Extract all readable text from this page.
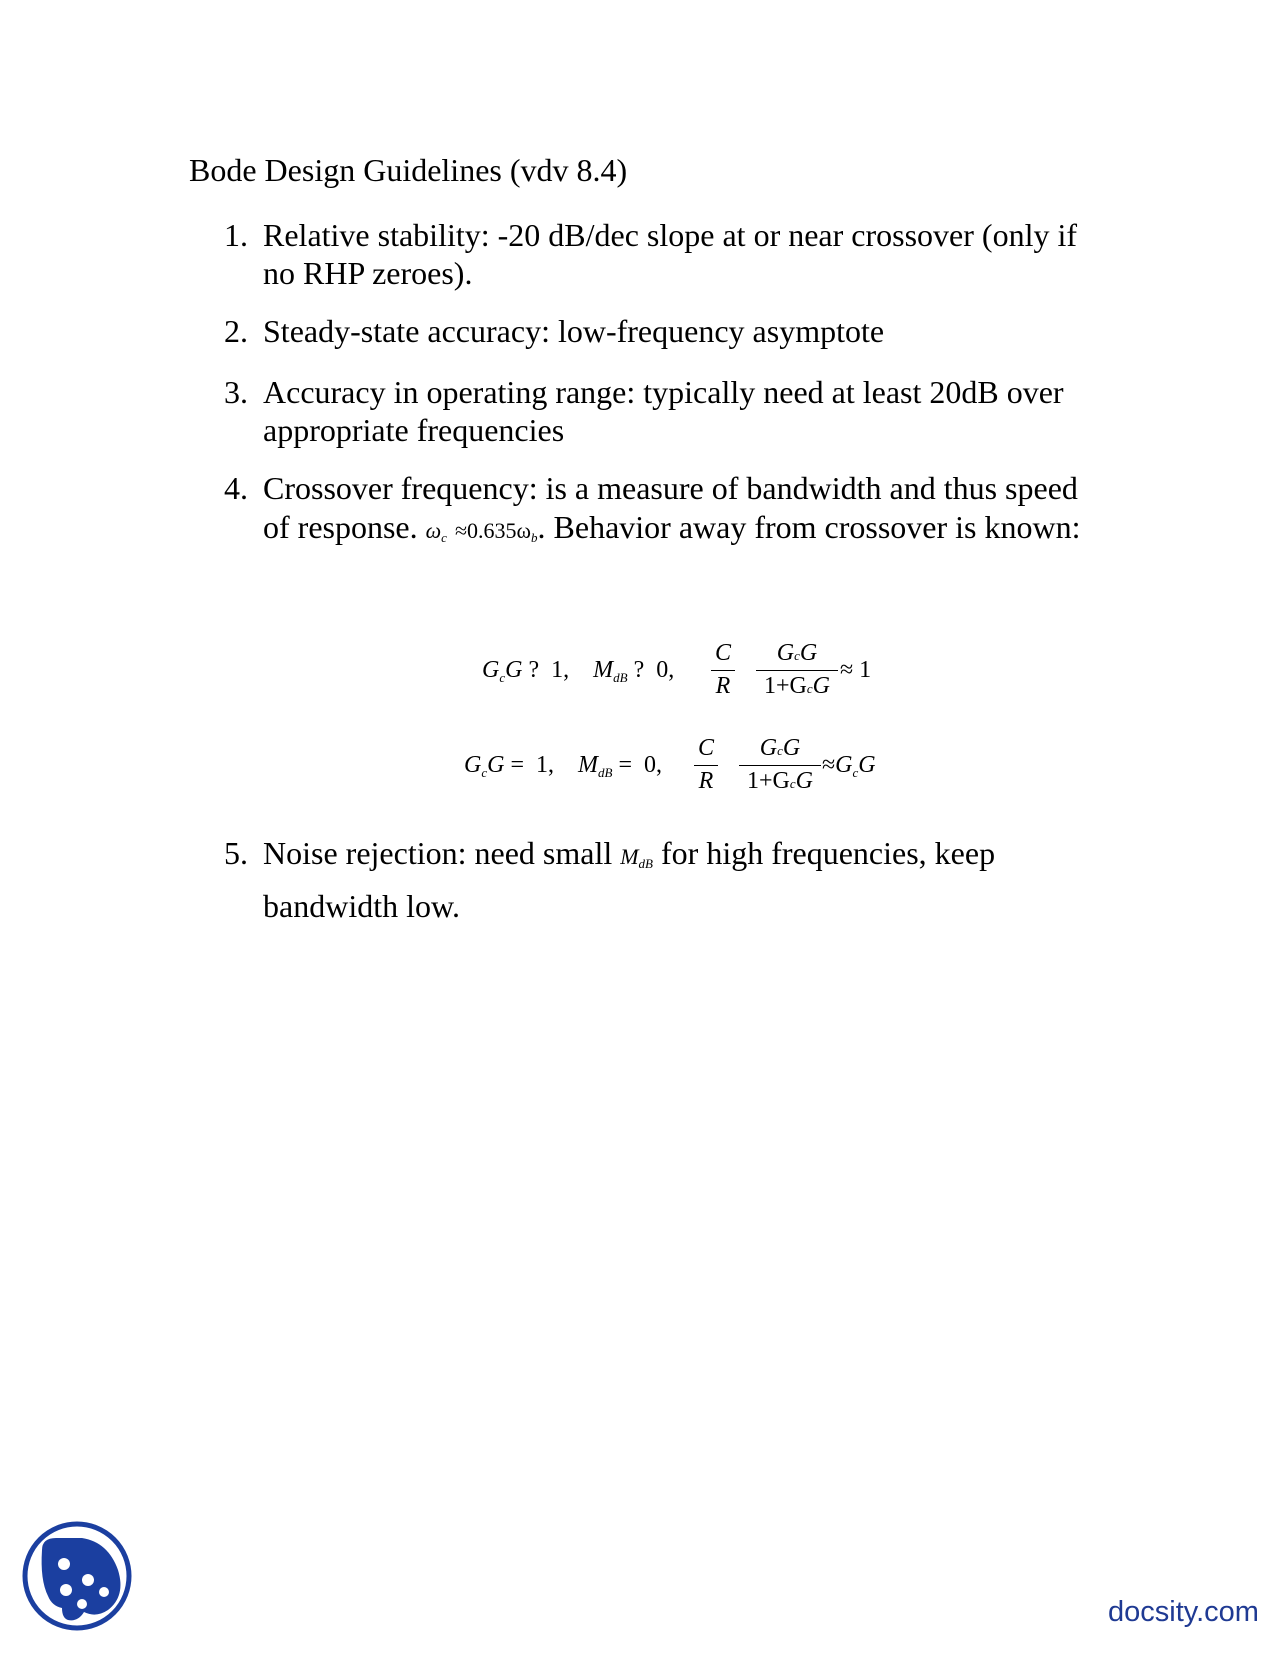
Bode Design Guidelines (vdv 8.4)
1. Relative stability: -20 dB/dec slope at or near crossover (only if no RHP zeroes).
2. Steady-state accuracy: low-frequency asymptote
3. Accuracy in operating range: typically need at least 20dB over appropriate frequencies
4. Crossover frequency: is a measure of bandwidth and thus speed of response. $\omega_c \approx 0.635\omega_b$. Behavior away from crossover is known:
$G_cG$ ? 1, $M_{dB}$ ? 0,
C
R
GcG
1+GcG
≈ 1
$G_cG = 1$, $M_{dB} = 0$,
C
R
GcG
1+GcG
$\approx G_cG$
5. Noise rejection: need small $M_{dB}$ for high frequencies, keep bandwidth low.
docsity.com
